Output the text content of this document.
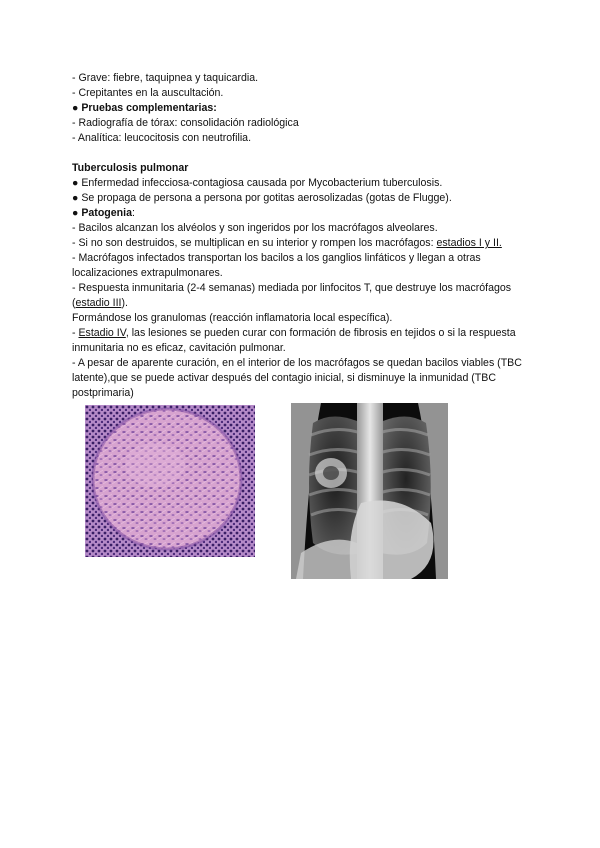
- Grave: fiebre, taquipnea y taquicardia.
- Crepitantes en la auscultación.
● Pruebas complementarias:
- Radiografía de tórax: consolidación radiológica
- Analítica: leucocitosis con neutrofilia.
Tuberculosis pulmonar
● Enfermedad infecciosa-contagiosa causada por Mycobacterium tuberculosis.
● Se propaga de persona a persona por gotitas aerosolizadas (gotas de Flugge).
● Patogenia:
- Bacilos alcanzan los alvéolos y son ingeridos por los macrófagos alveolares.
- Si no son destruidos, se multiplican en su interior y rompen los macrófagos: estadios I y II.
- Macrófagos infectados transportan los bacilos a los ganglios linfáticos y llegan a otras localizaciones extrapulmonares.
- Respuesta inmunitaria (2-4 semanas) mediada por linfocitos T, que destruye los macrófagos (estadio III).
Formándose los granulomas (reacción inflamatoria local específica).
- Estadio IV, las lesiones se pueden curar con formación de fibrosis en tejidos o si la respuesta inmunitaria no es eficaz, cavitación pulmonar.
- A pesar de aparente curación, en el interior de los macrófagos se quedan bacilos viables (TBC latente),que se puede activar después del contagio inicial, si disminuye la inmunidad (TBC postprimaria)
